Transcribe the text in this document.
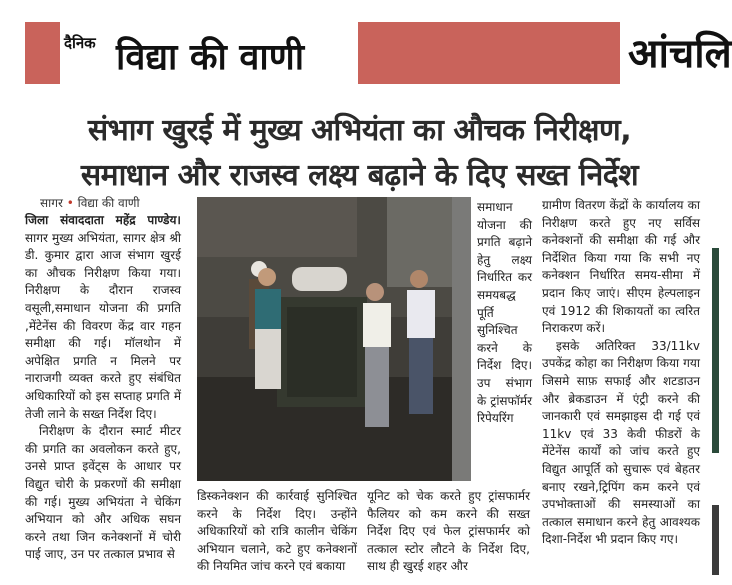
दैनिक विद्या की वाणी	आंचलि
संभाग खुरई में मुख्य अभियंता का औचक निरीक्षण,
समाधान और राजस्व लक्ष्य बढ़ाने के दिए सख्त निर्देश
सागर • विद्या की वाणी

जिला संवाददाता महेंद्र पाण्डेय। सागर मुख्य अभियंता, सागर क्षेत्र श्री डी. कुमार द्वारा आज संभाग खुरई का औचक निरीक्षण किया गया। निरीक्षण के दौरान राजस्व वसूली,समाधान योजना की प्रगति ,मेंटेनेंस की विवरण केंद्र वार गहन समीक्षा की गई। मॉलथोन में अपेक्षित प्रगति न मिलने पर नाराजगी व्यक्त करते हुए संबंधित अधिकारियों को इस सप्ताह प्रगति में तेजी लाने के सख्त निर्देश दिए।

निरीक्षण के दौरान स्मार्ट मीटर की प्रगति का अवलोकन करते हुए, उनसे प्राप्त इवेंट्स के आधार पर विद्युत चोरी के प्रकरणों की समीक्षा की गई। मुख्य अभियंता ने चेकिंग अभियान को और अधिक सघन करने तथा जिन कनेक्शनों में चोरी पाई जाए, उन पर तत्काल प्रभाव से

डिस्कनेक्शन की कार्रवाई सुनिश्चित करने के निर्देश दिए। उन्होंने अधिकारियों को रात्रि कालीन चेकिंग अभियान चलाने, कटे हुए कनेक्शनों की नियमित जांच करने एवं बकाया

समाधान योजना की प्रगति बढ़ाने हेतु लक्ष्य निर्धारित कर समयबद्ध पूर्ति सुनिश्चित करने के निर्देश दिए। उप संभाग के ट्रांसफॉर्मर रिपेयरिंग

यूनिट को चेक करते हुए ट्रांसफार्मर फैलियर को कम करने की सख्त निर्देश दिए एवं फेल ट्रांसफार्मर को तत्काल स्टोर लौटने के निर्देश दिए, साथ ही खुरई शहर और

ग्रामीण वितरण केंद्रों के कार्यालय का निरीक्षण करते हुए नए सर्विस कनेक्शनों की समीक्षा की गई और निर्देशित किया गया कि सभी नए कनेक्शन निर्धारित समय-सीमा में प्रदान किए जाएं। सीएम हेल्पलाइन एवं 1912 की शिकायतों का त्वरित निराकरण करें।

इसके अतिरिक्त 33/11kv उपकेंद्र कोहा का निरीक्षण किया गया जिसमे साफ़ सफाई और शटडाउन और ब्रेकडाउन में एंट्री करने की जानकारी एवं समझाइस दी गई एवं 11kv एवं 33 केवी फीडरों के मेंटेनेंस कार्यों को जांच करते हुए विद्युत आपूर्ति को सुचारू एवं बेहतर बनाए रखने,ट्रिपिंग कम करने एवं उपभोक्ताओं की समस्याओं का तत्काल समाधान करने हेतु आवश्यक दिशा-निर्देश भी प्रदान किए गए।
